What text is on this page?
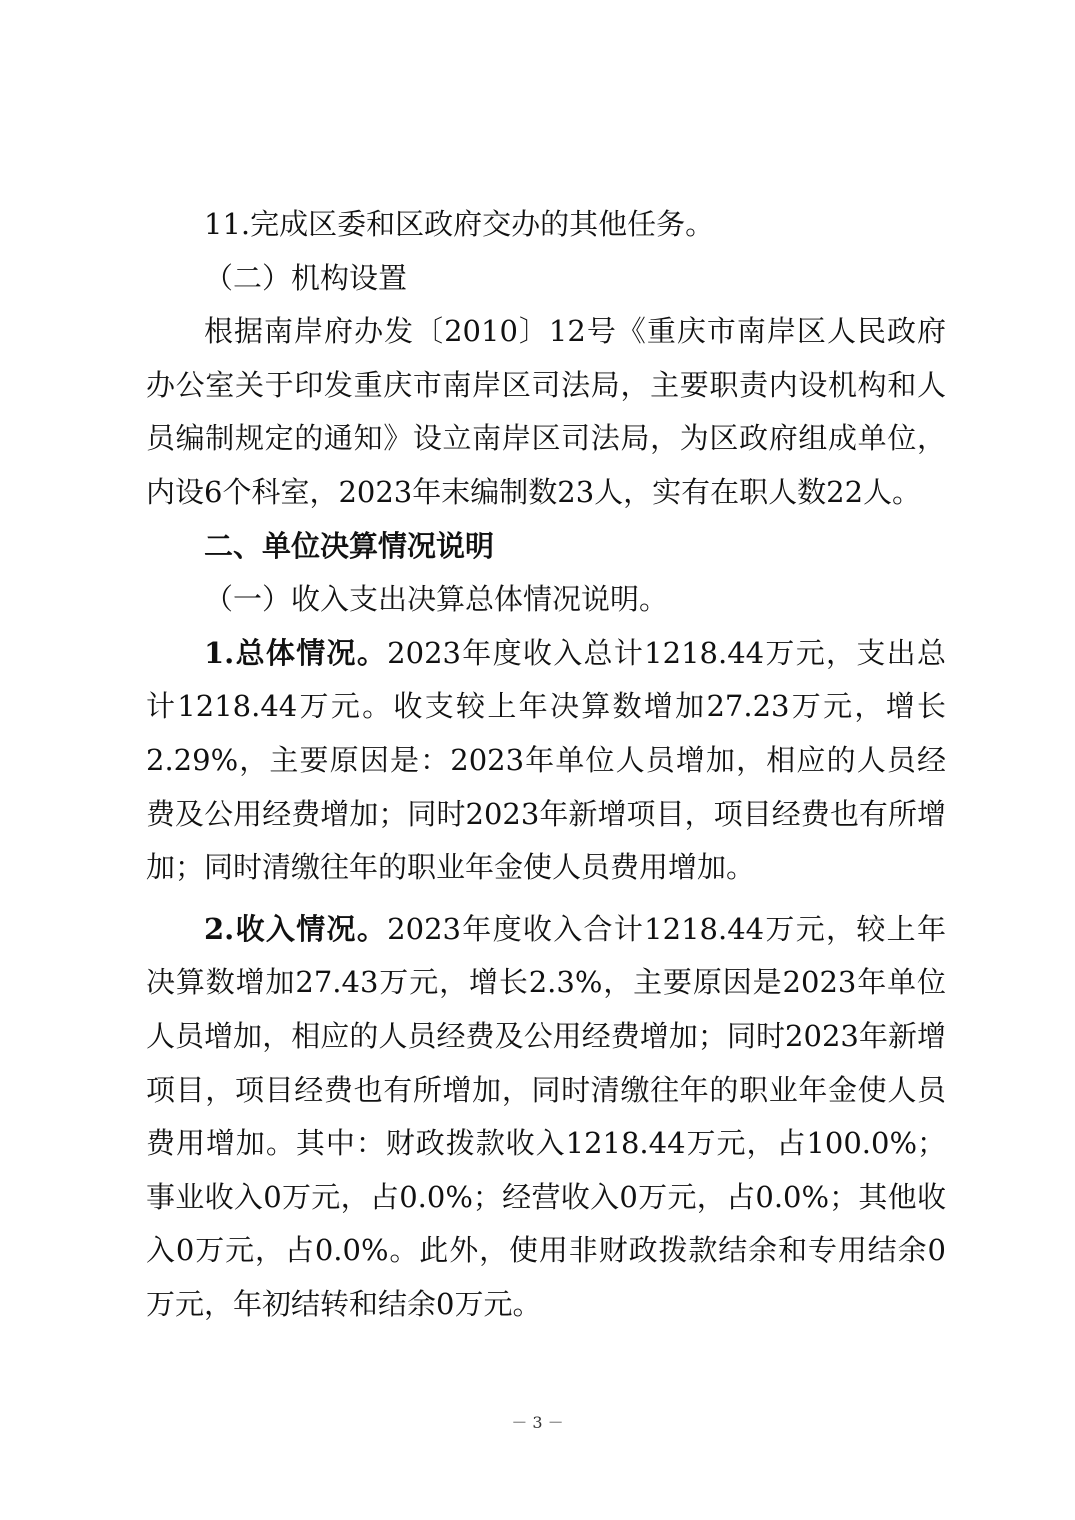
11.完成区委和区政府交办的其他任务。

（二）机构设置

根据南岸府办发〔2010〕12号《重庆市南岸区人民政府办公室关于印发重庆市南岸区司法局，主要职责内设机构和人员编制规定的通知》设立南岸区司法局，为区政府组成单位，内设6个科室，2023年末编制数23人，实有在职人数22人。

二、单位决算情况说明

（一）收入支出决算总体情况说明。

1.总体情况。2023年度收入总计1218.44万元，支出总计1218.44万元。收支较上年决算数增加27.23万元，增长2.29%，主要原因是：2023年单位人员增加，相应的人员经费及公用经费增加；同时2023年新增项目，项目经费也有所增加；同时清缴往年的职业年金使人员费用增加。

2.收入情况。2023年度收入合计1218.44万元，较上年决算数增加27.43万元，增长2.3%，主要原因是2023年单位人员增加，相应的人员经费及公用经费增加；同时2023年新增项目，项目经费也有所增加，同时清缴往年的职业年金使人员费用增加。其中：财政拨款收入1218.44万元，占100.0%；事业收入0万元，占0.0%；经营收入0万元，占0.0%；其他收入0万元，占0.0%。此外，使用非财政拨款结余和专用结余0万元，年初结转和结余0万元。

－ 3 －
